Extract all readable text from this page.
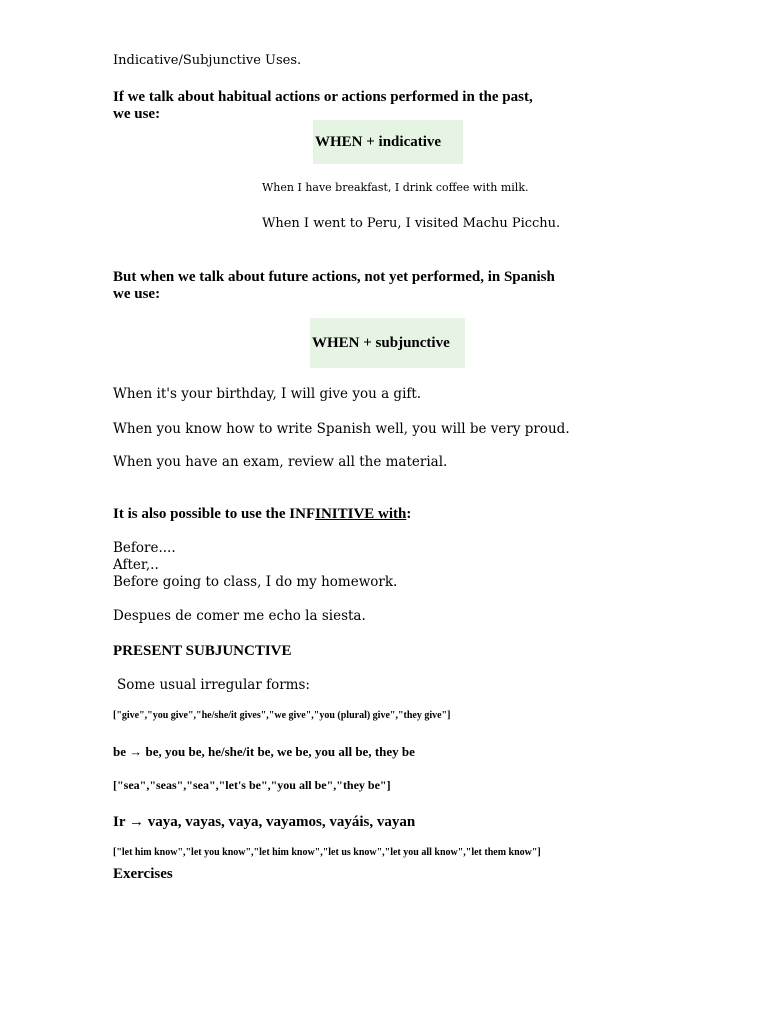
Indicative/Subjunctive Uses.
If we talk about habitual actions or actions performed in the past,
we use:
WHEN + indicative
When I have breakfast, I drink coffee with milk.
When I went to Peru, I visited Machu Picchu.
But when we talk about future actions, not yet performed, in Spanish
we use:
WHEN + subjunctive
When it's your birthday, I will give you a gift.
When you know how to write Spanish well, you will be very proud.
When you have an exam, review all the material.
It is also possible to use the INFINITIVE with:
Before....
After,..
Before going to class, I do my homework.
Despues de comer me echo la siesta.
PRESENT SUBJUNCTIVE
Some usual irregular forms:
["give","you give","he/she/it gives","we give","you (plural) give","they give"]
be → be, you be, he/she/it be, we be, you all be, they be
["sea","seas","sea","let's be","you all be","they be"]
Ir → vaya, vayas, vaya, vayamos, vayáis, vayan
["let him know","let you know","let him know","let us know","let you all know","let them know"]
Exercises
